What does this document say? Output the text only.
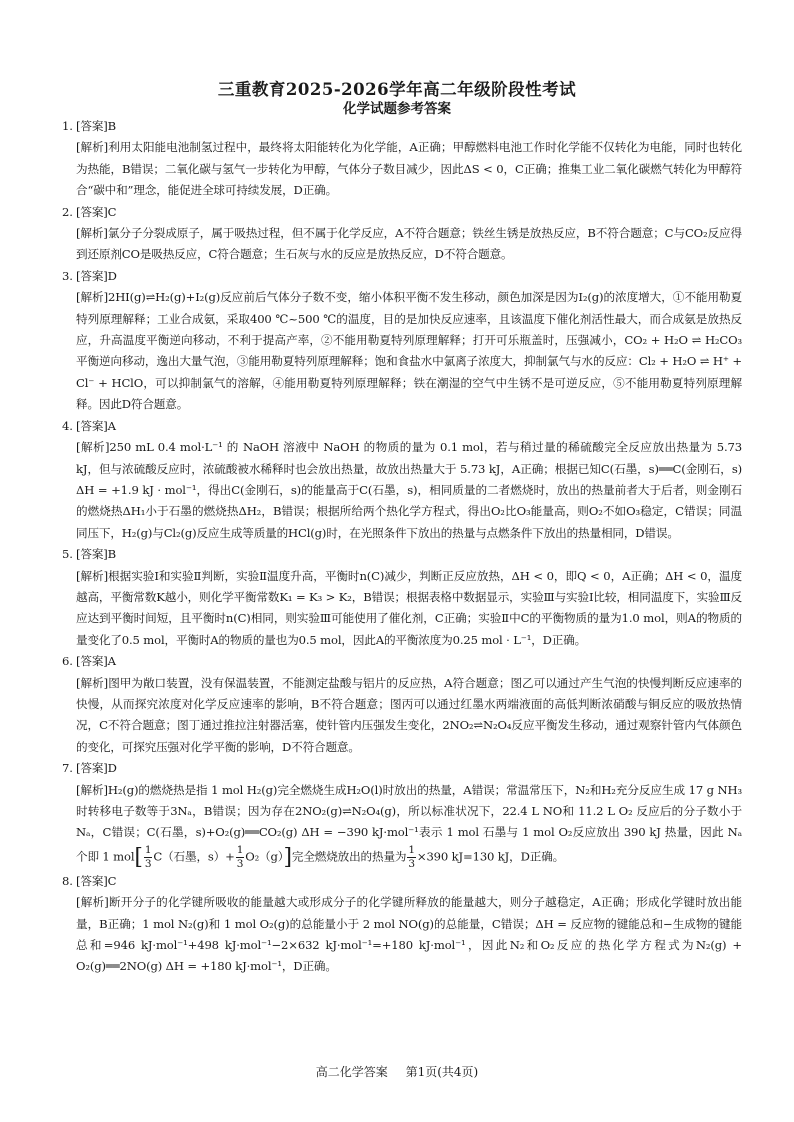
三重教育2025-2026学年高二年级阶段性考试
化学试题参考答案
1. [答案]B
[解析]利用太阳能电池制氢过程中，最终将太阳能转化为化学能，A正确；甲醇燃料电池工作时化学能不仅转化为电能，同时也转化为热能，B错误；二氧化碳与氢气一步转化为甲醇，气体分子数目减少，因此ΔS < 0，C正确；推集工业二氧化碳燃气转化为甲醇符合“碳中和”理念，能促进全球可持续发展，D正确。
2. [答案]C
[解析]氯分子分裂成原子，属于吸热过程，但不属于化学反应，A不符合题意；铁丝生锈是放热反应，B不符合题意；C与CO₂反应得到还原剂CO是吸热反应，C符合题意；生石灰与水的反应是放热反应，D不符合题意。
3. [答案]D
[解析]2HI(g)⇌H₂(g)+I₂(g)反应前后气体分子数不变，缩小体积平衡不发生移动，颜色加深是因为I₂(g)的浓度增大，①不能用勒夏特列原理解释；工业合成氨，采取400 ℃~500 ℃的温度，目的是加快反应速率，且该温度下催化剂活性最大，而合成氨是放热反应，升高温度平衡逆向移动，不利于提高产率，②不能用勒夏特列原理解释；打开可乐瓶盖时，压强减小，CO₂ + H₂O ⇌ H₂CO₃ 平衡逆向移动，逸出大量气泡，③能用勒夏特列原理解释；饱和食盐水中氯离子浓度大，抑制氯气与水的反应：Cl₂ + H₂O ⇌ H⁺ + Cl⁻ + HClO，可以抑制氯气的溶解，④能用勒夏特列原理解释；铁在潮湿的空气中生锈不是可逆反应，⑤不能用勒夏特列原理解释。因此D符合题意。
4. [答案]A
[解析]250 mL 0.4 mol·L⁻¹ 的 NaOH 溶液中 NaOH 的物质的量为 0.1 mol，若与稍过量的稀硫酸完全反应放出热量为 5.73 kJ，但与浓硫酸反应时，浓硫酸被水稀释时也会放出热量，故放出热量大于 5.73 kJ，A正确；根据已知C(石墨，s)══C(金刚石，s) ΔH = +1.9 kJ · mol⁻¹，得出C(金刚石，s)的能量高于C(石墨，s)，相同质量的二者燃烧时，放出的热量前者大于后者，则金刚石的燃烧热ΔH₁小于石墨的燃烧热ΔH₂，B错误；根据所给两个热化学方程式，得出O₂比O₃能量高，则O₂不如O₃稳定，C错误；同温同压下，H₂(g)与Cl₂(g)反应生成等质量的HCl(g)时，在光照条件下放出的热量与点燃条件下放出的热量相同，D错误。
5. [答案]B
[解析]根据实验Ⅰ和实验Ⅱ判断，实验Ⅱ温度升高，平衡时n(C)减少，判断正反应放热，ΔH < 0，即Q < 0，A正确；ΔH < 0，温度越高，平衡常数K越小，则化学平衡常数K₁ = K₃ > K₂，B错误；根据表格中数据显示，实验Ⅲ与实验Ⅰ比较，相同温度下，实验Ⅲ反应达到平衡时间短，且平衡时n(C)相同，则实验Ⅲ可能使用了催化剂，C正确；实验Ⅱ中C的平衡物质的量为1.0 mol，则A的物质的量变化了0.5 mol，平衡时A的物质的量也为0.5 mol，因此A的平衡浓度为0.25 mol · L⁻¹，D正确。
6. [答案]A
[解析]图甲为敞口装置，没有保温装置，不能测定盐酸与铝片的反应热，A符合题意；图乙可以通过产生气泡的快慢判断反应速率的快慢，从而探究浓度对化学反应速率的影响，B不符合题意；图丙可以通过红墨水两端液面的高低判断浓硝酸与铜反应的吸放热情况，C不符合题意；图丁通过推拉注射器活塞，使针管内压强发生变化，2NO₂⇌N₂O₄反应平衡发生移动，通过观察针管内气体颜色的变化，可探究压强对化学平衡的影响，D不符合题意。
7. [答案]D
[解析]H₂(g)的燃烧热是指 1 mol H₂(g)完全燃烧生成H₂O(l)时放出的热量，A错误；常温常压下，N₂和H₂充分反应生成 17 g NH₃ 时转移电子数等于3Nₐ，B错误；因为存在2NO₂(g)⇌N₂O₄(g)，所以标准状况下，22.4 L NO和 11.2 L O₂ 反应后的分子数小于 Nₐ，C错误；C(石墨，s)+O₂(g)══CO₂(g) ΔH = −390 kJ·mol⁻¹表示 1 mol 石墨与 1 mol O₂反应放出 390 kJ 热量，因此 Nₐ 个即 1 $mol[ \frac{1}{3} C$（石墨，$s)+ \frac{1}{3} O_2(g)$]完全燃烧放出的热量为 $\frac{1}{3} \times 390$ kJ=130 kJ，D正确。
8. [答案]C
[解析]断开分子的化学键所吸收的能量越大或形成分子的化学键所释放的能量越大，则分子越稳定，A正确；形成化学键时放出能量，B正确；1 mol N₂(g)和 1 mol O₂(g)的总能量小于 2 mol NO(g)的总能量，C错误；ΔH = 反应物的键能总和−生成物的键能总和=946 kJ·mol⁻¹+498 kJ·mol⁻¹−2×632 kJ·mol⁻¹=+180 kJ·mol⁻¹，因此N₂和O₂反应的热化学方程式为N₂(g) + O₂(g)══2NO(g) ΔH = +180 kJ·mol⁻¹，D正确。
高二化学答案 第1页(共4页)
